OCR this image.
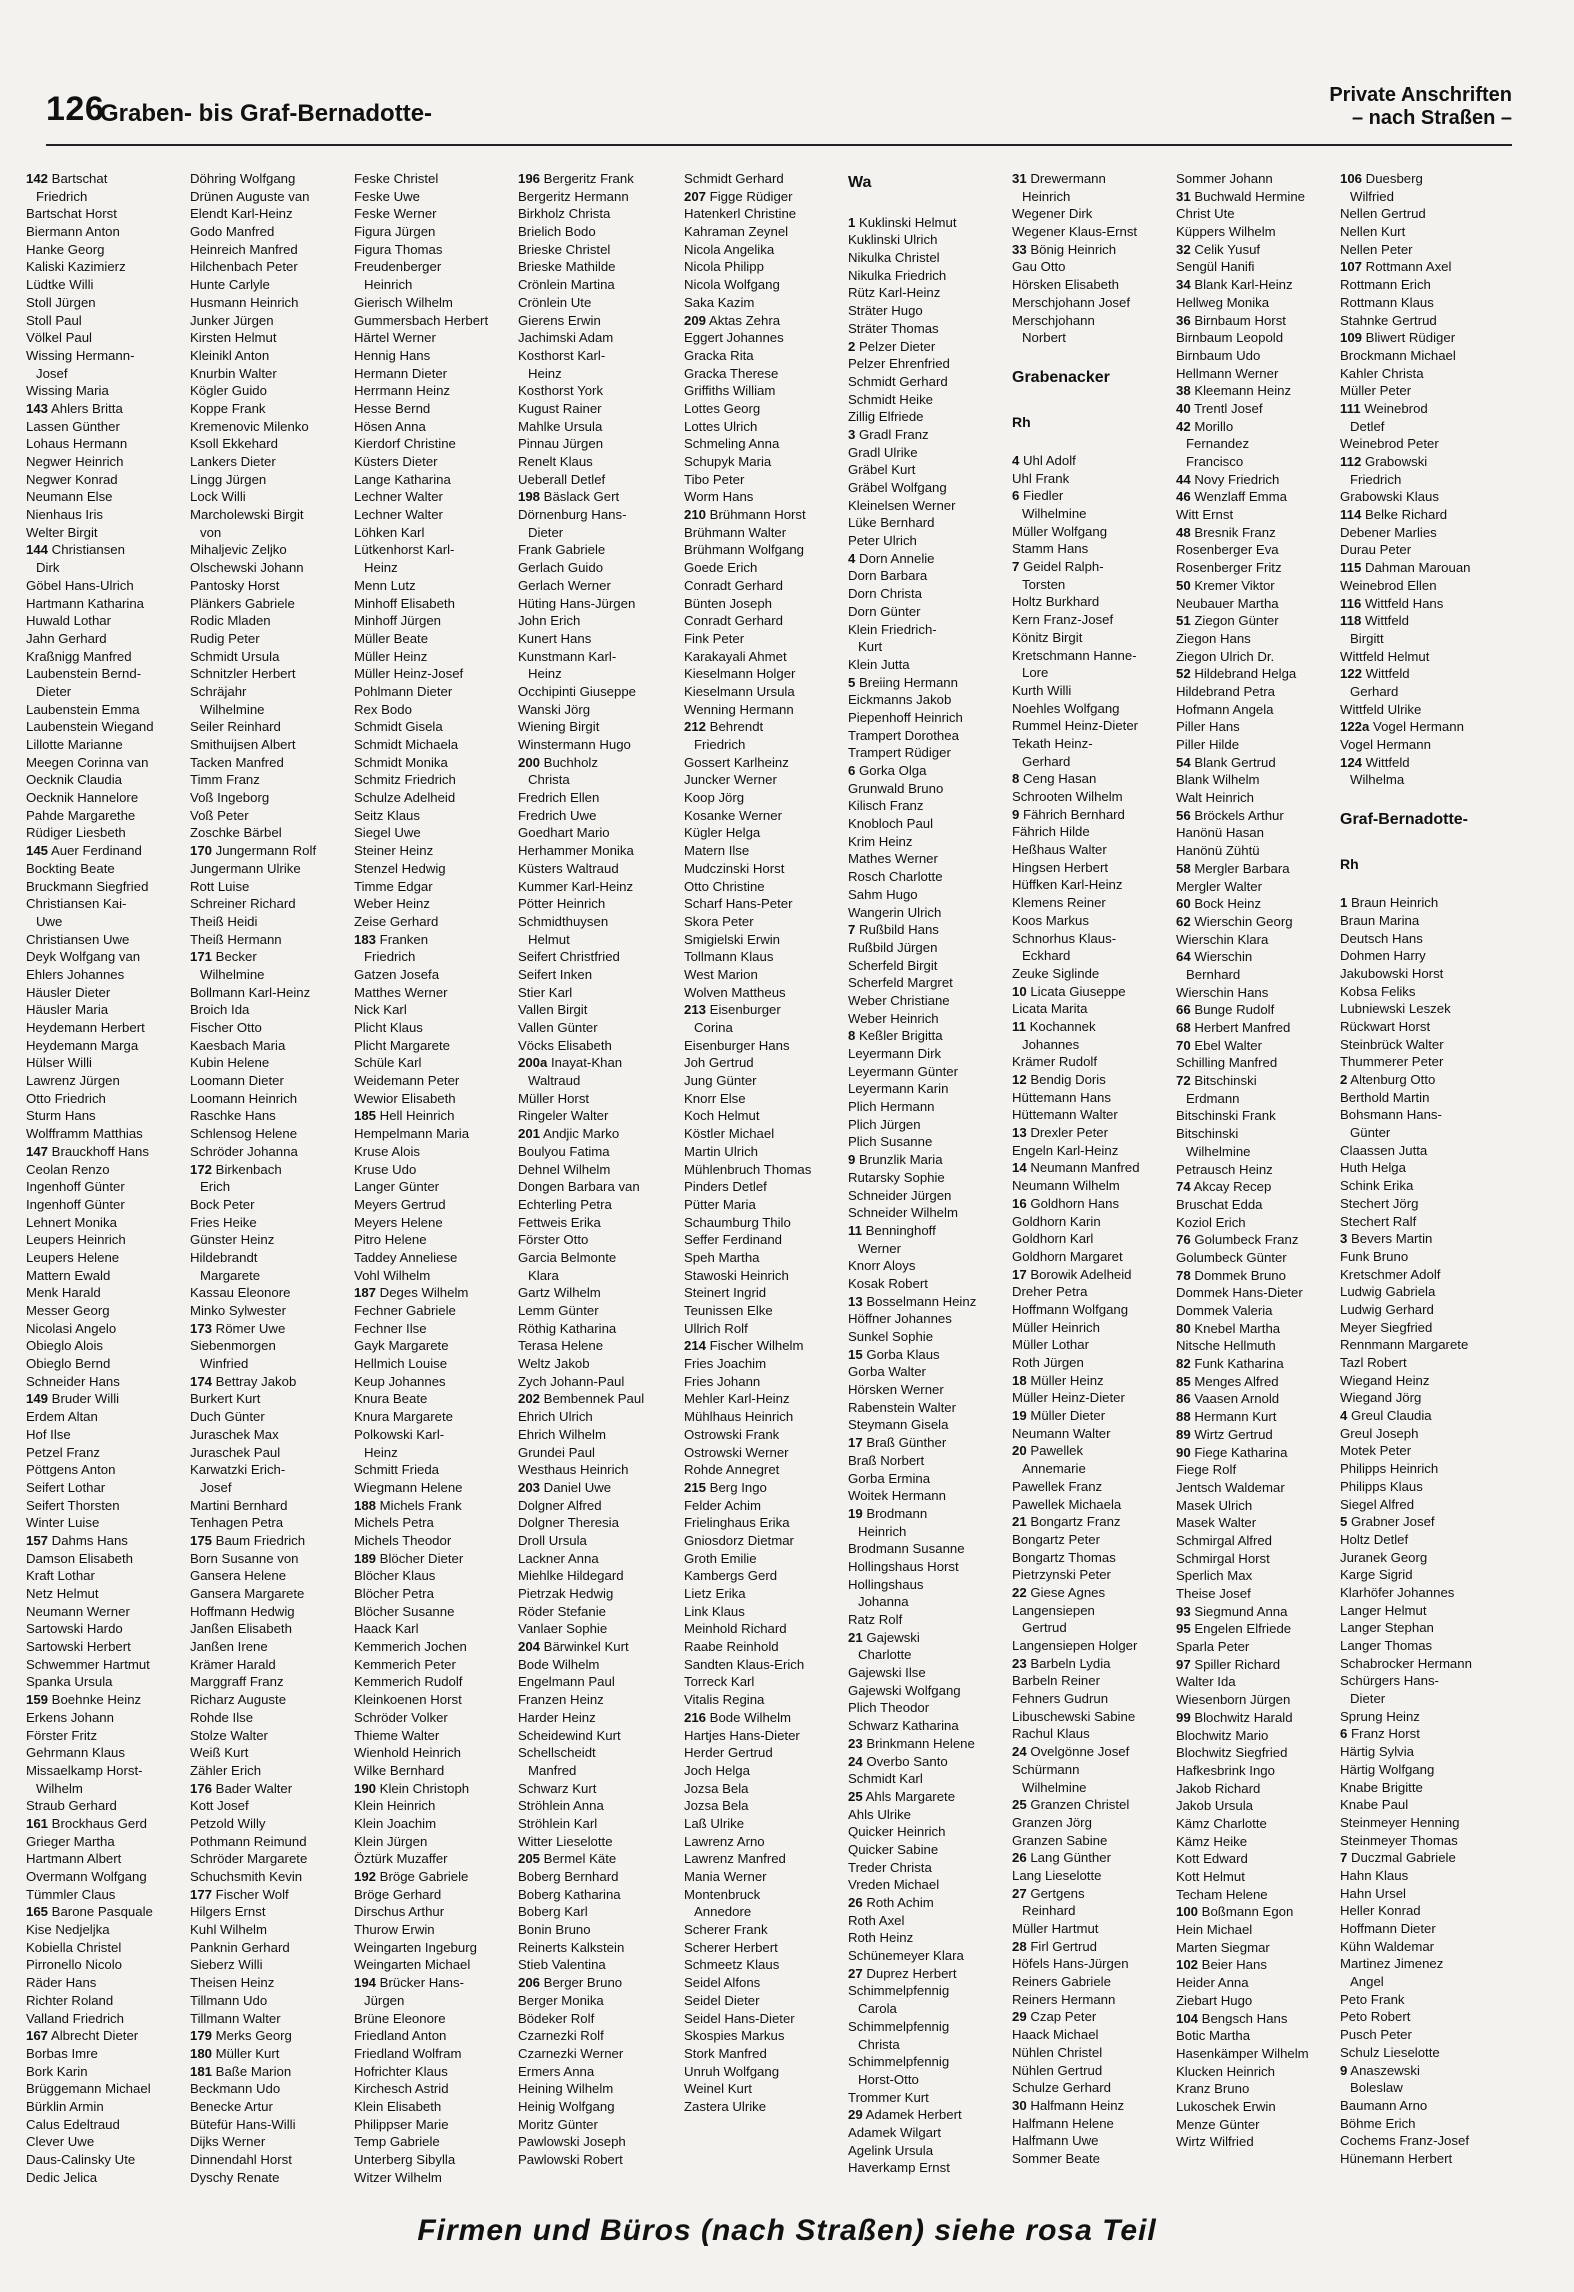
126
Graben- bis Graf-Bernadotte-
Private Anschriften
– nach Straßen –
142 Bartschat
Friedrich
Bartschat Horst
Biermann Anton
Hanke Georg
Kaliski Kazimierz
Lüdtke Willi
Stoll Jürgen
Stoll Paul
Völkel Paul
Wissing Hermann-
Josef
Wissing Maria
143 Ahlers Britta
Lassen Günther
Lohaus Hermann
Negwer Heinrich
Negwer Konrad
Neumann Else
Nienhaus Iris
Welter Birgit
144 Christiansen
Dirk
Göbel Hans-Ulrich
Hartmann Katharina
Huwald Lothar
Jahn Gerhard
Kraßnigg Manfred
Laubenstein Bernd-
Dieter
Laubenstein Emma
Laubenstein Wiegand
Lillotte Marianne
Meegen Corinna van
Oecknik Claudia
Oecknik Hannelore
Pahde Margarethe
Rüdiger Liesbeth
145 Auer Ferdinand
Bockting Beate
Bruckmann Siegfried
Christiansen Kai-
Uwe
Christiansen Uwe
Deyk Wolfgang van
Ehlers Johannes
Häusler Dieter
Häusler Maria
Heydemann Herbert
Heydemann Marga
Hülser Willi
Lawrenz Jürgen
Otto Friedrich
Sturm Hans
Wolfframm Matthias
147 Brauckhoff Hans
Ceolan Renzo
Ingenhoff Günter
Ingenhoff Günter
Lehnert Monika
Leupers Heinrich
Leupers Helene
Mattern Ewald
Menk Harald
Messer Georg
Nicolasi Angelo
Obieglo Alois
Obieglo Bernd
Schneider Hans
149 Bruder Willi
Erdem Altan
Hof Ilse
Petzel Franz
Pöttgens Anton
Seifert Lothar
Seifert Thorsten
Winter Luise
157 Dahms Hans
Damson Elisabeth
Kraft Lothar
Netz Helmut
Neumann Werner
Sartowski Hardo
Sartowski Herbert
Schwemmer Hartmut
Spanka Ursula
159 Boehnke Heinz
Erkens Johann
Förster Fritz
Gehrmann Klaus
Missaelkamp Horst-
Wilhelm
Straub Gerhard
161 Brockhaus Gerd
Grieger Martha
Hartmann Albert
Overmann Wolfgang
Tümmler Claus
165 Barone Pasquale
Kise Nedjeljka
Kobiella Christel
Pirronello Nicolo
Räder Hans
Richter Roland
Valland Friedrich
167 Albrecht Dieter
Borbas Imre
Bork Karin
Brüggemann Michael
Bürklin Armin
Calus Edeltraud
Clever Uwe
Daus-Calinsky Ute
Dedic Jelica
Döhring Wolfgang
Drünen Auguste van
Elendt Karl-Heinz
Godo Manfred
Heinreich Manfred
Hilchenbach Peter
Hunte Carlyle
Husmann Heinrich
Junker Jürgen
Kirsten Helmut
Kleinikl Anton
Knurbin Walter
Kögler Guido
Koppe Frank
Kremenovic Milenko
Ksoll Ekkehard
Lankers Dieter
Lingg Jürgen
Lock Willi
Marcholewski Birgit
von
Mihaljevic Zeljko
Olschewski Johann
Pantosky Horst
Plänkers Gabriele
Rodic Mladen
Rudig Peter
Schmidt Ursula
Schnitzler Herbert
Schräjahr
Wilhelmine
Seiler Reinhard
Smithuijsen Albert
Tacken Manfred
Timm Franz
Voß Ingeborg
Voß Peter
Zoschke Bärbel
170 Jungermann Rolf
Jungermann Ulrike
Rott Luise
Schreiner Richard
Theiß Heidi
Theiß Hermann
171 Becker
Wilhelmine
Bollmann Karl-Heinz
Broich Ida
Fischer Otto
Kaesbach Maria
Kubin Helene
Loomann Dieter
Loomann Heinrich
Raschke Hans
Schlensog Helene
Schröder Johanna
172 Birkenbach
Erich
Bock Peter
Fries Heike
Günster Heinz
Hildebrandt
Margarete
Kassau Eleonore
Minko Sylwester
173 Römer Uwe
Siebenmorgen
Winfried
174 Bettray Jakob
Burkert Kurt
Duch Günter
Juraschek Max
Juraschek Paul
Karwatzki Erich-
Josef
Martini Bernhard
Tenhagen Petra
175 Baum Friedrich
Born Susanne von
Gansera Helene
Gansera Margarete
Hoffmann Hedwig
Janßen Elisabeth
Janßen Irene
Krämer Harald
Marggraff Franz
Richarz Auguste
Rohde Ilse
Stolze Walter
Weiß Kurt
Zähler Erich
176 Bader Walter
Kott Josef
Petzold Willy
Pothmann Reimund
Schröder Margarete
Schuchsmith Kevin
177 Fischer Wolf
Hilgers Ernst
Kuhl Wilhelm
Panknin Gerhard
Sieberz Willi
Theisen Heinz
Tillmann Udo
Tillmann Walter
179 Merks Georg
180 Müller Kurt
181 Baße Marion
Beckmann Udo
Benecke Artur
Bütefür Hans-Willi
Dijks Werner
Dinnendahl Horst
Dyschy Renate
Feske Christel
Feske Uwe
Feske Werner
Figura Jürgen
Figura Thomas
Freudenberger
Heinrich
Gierisch Wilhelm
Gummersbach Herbert
Härtel Werner
Hennig Hans
Hermann Dieter
Herrmann Heinz
Hesse Bernd
Hösen Anna
Kierdorf Christine
Küsters Dieter
Lange Katharina
Lechner Walter
Lechner Walter
Löhken Karl
Lütkenhorst Karl-
Heinz
Menn Lutz
Minhoff Elisabeth
Minhoff Jürgen
Müller Beate
Müller Heinz
Müller Heinz-Josef
Pohlmann Dieter
Rex Bodo
Schmidt Gisela
Schmidt Michaela
Schmidt Monika
Schmitz Friedrich
Schulze Adelheid
Seitz Klaus
Siegel Uwe
Steiner Heinz
Stenzel Hedwig
Timme Edgar
Weber Heinz
Zeise Gerhard
183 Franken
Friedrich
Gatzen Josefa
Matthes Werner
Nick Karl
Plicht Klaus
Plicht Margarete
Schüle Karl
Weidemann Peter
Wewior Elisabeth
185 Hell Heinrich
Hempelmann Maria
Kruse Alois
Kruse Udo
Langer Günter
Meyers Gertrud
Meyers Helene
Pitro Helene
Taddey Anneliese
Vohl Wilhelm
187 Deges Wilhelm
Fechner Gabriele
Fechner Ilse
Gayk Margarete
Hellmich Louise
Keup Johannes
Knura Beate
Knura Margarete
Polkowski Karl-
Heinz
Schmitt Frieda
Wiegmann Helene
188 Michels Frank
Michels Petra
Michels Theodor
189 Blöcher Dieter
Blöcher Klaus
Blöcher Petra
Blöcher Susanne
Haack Karl
Kemmerich Jochen
Kemmerich Peter
Kemmerich Rudolf
Kleinkoenen Horst
Schröder Volker
Thieme Walter
Wienhold Heinrich
Wilke Bernhard
190 Klein Christoph
Klein Heinrich
Klein Joachim
Klein Jürgen
Öztürk Muzaffer
192 Bröge Gabriele
Bröge Gerhard
Dirschus Arthur
Thurow Erwin
Weingarten Ingeburg
Weingarten Michael
194 Brücker Hans-
Jürgen
Brüne Eleonore
Friedland Anton
Friedland Wolfram
Hofrichter Klaus
Kirchesch Astrid
Klein Elisabeth
Philippser Marie
Temp Gabriele
Unterberg Sibylla
Witzer Wilhelm
196 Bergeritz Frank
Bergeritz Hermann
Birkholz Christa
Brielich Bodo
Brieske Christel
Brieske Mathilde
Crönlein Martina
Crönlein Ute
Gierens Erwin
Jachimski Adam
Kosthorst Karl-
Heinz
Kosthorst York
Kugust Rainer
Mahlke Ursula
Pinnau Jürgen
Renelt Klaus
Ueberall Detlef
198 Bäslack Gert
Dörnenburg Hans-
Dieter
Frank Gabriele
Gerlach Guido
Gerlach Werner
Hüting Hans-Jürgen
John Erich
Kunert Hans
Kunstmann Karl-
Heinz
Occhipinti Giuseppe
Wanski Jörg
Wiening Birgit
Winstermann Hugo
200 Buchholz
Christa
Fredrich Ellen
Fredrich Uwe
Goedhart Mario
Herhammer Monika
Küsters Waltraud
Kummer Karl-Heinz
Pötter Heinrich
Schmidthuysen
Helmut
Seifert Christfried
Seifert Inken
Stier Karl
Vallen Birgit
Vallen Günter
Vöcks Elisabeth
200a Inayat-Khan
Waltraud
Müller Horst
Ringeler Walter
201 Andjic Marko
Boulyou Fatima
Dehnel Wilhelm
Dongen Barbara van
Echterling Petra
Fettweis Erika
Förster Otto
Garcia Belmonte
Klara
Gartz Wilhelm
Lemm Günter
Röthig Katharina
Terasa Helene
Weltz Jakob
Zych Johann-Paul
202 Bembennek Paul
Ehrich Ulrich
Ehrich Wilhelm
Grundei Paul
Westhaus Heinrich
203 Daniel Uwe
Dolgner Alfred
Dolgner Theresia
Droll Ursula
Lackner Anna
Miehlke Hildegard
Pietrzak Hedwig
Röder Stefanie
Vanlaer Sophie
204 Bärwinkel Kurt
Bode Wilhelm
Engelmann Paul
Franzen Heinz
Harder Heinz
Scheidewind Kurt
Schellscheidt
Manfred
Schwarz Kurt
Ströhlein Anna
Ströhlein Karl
Witter Lieselotte
205 Bermel Käte
Boberg Bernhard
Boberg Katharina
Boberg Karl
Bonin Bruno
Reinerts Kalkstein
Stieb Valentina
206 Berger Bruno
Berger Monika
Bödeker Rolf
Czarnezki Rolf
Czarnezki Werner
Ermers Anna
Heining Wilhelm
Heinig Wolfgang
Moritz Günter
Pawlowski Joseph
Pawlowski Robert
Schmidt Gerhard
207 Figge Rüdiger
Hatenkerl Christine
Kahraman Zeynel
Nicola Angelika
Nicola Philipp
Nicola Wolfgang
Saka Kazim
209 Aktas Zehra
Eggert Johannes
Gracka Rita
Gracka Therese
Griffiths William
Lottes Georg
Lottes Ulrich
Schmeling Anna
Schupyk Maria
Tibo Peter
Worm Hans
210 Brühmann Horst
Brühmann Walter
Brühmann Wolfgang
Goede Erich
Conradt Gerhard
Bünten Joseph
Conradt Gerhard
Fink Peter
Karakayali Ahmet
Kieselmann Holger
Kieselmann Ursula
Wenning Hermann
212 Behrendt
Friedrich
Gossert Karlheinz
Juncker Werner
Koop Jörg
Kosanke Werner
Kügler Helga
Matern Ilse
Mudczinski Horst
Otto Christine
Scharf Hans-Peter
Skora Peter
Smigielski Erwin
Tollmann Klaus
West Marion
Wolven Mattheus
213 Eisenburger
Corina
Eisenburger Hans
Joh Gertrud
Jung Günter
Knorr Else
Koch Helmut
Köstler Michael
Martin Ulrich
Mühlenbruch Thomas
Pinders Detlef
Pütter Maria
Schaumburg Thilo
Seffer Ferdinand
Speh Martha
Stawoski Heinrich
Steinert Ingrid
Teunissen Elke
Ullrich Rolf
214 Fischer Wilhelm
Fries Joachim
Fries Johann
Mehler Karl-Heinz
Mühlhaus Heinrich
Ostrowski Frank
Ostrowski Werner
Rohde Annegret
215 Berg Ingo
Felder Achim
Frielinghaus Erika
Gniosdorz Dietmar
Groth Emilie
Kambergs Gerd
Lietz Erika
Link Klaus
Meinhold Richard
Raabe Reinhold
Sandten Klaus-Erich
Torreck Karl
Vitalis Regina
216 Bode Wilhelm
Hartjes Hans-Dieter
Herder Gertrud
Joch Helga
Jozsa Bela
Jozsa Bela
Laß Ulrike
Lawrenz Arno
Lawrenz Manfred
Mania Werner
Montenbruck
Annedore
Scherer Frank
Scherer Herbert
Schmeetz Klaus
Seidel Alfons
Seidel Dieter
Seidel Hans-Dieter
Skospies Markus
Stork Manfred
Unruh Wolfgang
Weinel Kurt
Zastera Ulrike
Wa
1 Kuklinski Helmut
Kuklinski Ulrich
Nikulka Christel
Nikulka Friedrich
Rütz Karl-Heinz
Sträter Hugo
Sträter Thomas
2 Pelzer Dieter
Pelzer Ehrenfried
Schmidt Gerhard
Schmidt Heike
Zillig Elfriede
3 Gradl Franz
Gradl Ulrike
Gräbel Kurt
Gräbel Wolfgang
Kleinelsen Werner
Lüke Bernhard
Peter Ulrich
4 Dorn Annelie
Dorn Barbara
Dorn Christa
Dorn Günter
Klein Friedrich-
Kurt
Klein Jutta
5 Breiing Hermann
Eickmanns Jakob
Piepenhoff Heinrich
Trampert Dorothea
Trampert Rüdiger
6 Gorka Olga
Grunwald Bruno
Kilisch Franz
Knobloch Paul
Krim Heinz
Mathes Werner
Rosch Charlotte
Sahm Hugo
Wangerin Ulrich
7 Rußbild Hans
Rußbild Jürgen
Scherfeld Birgit
Scherfeld Margret
Weber Christiane
Weber Heinrich
8 Keßler Brigitta
Leyermann Dirk
Leyermann Günter
Leyermann Karin
Plich Hermann
Plich Jürgen
Plich Susanne
9 Brunzlik Maria
Rutarsky Sophie
Schneider Jürgen
Schneider Wilhelm
11 Benninghoff
Werner
Knorr Aloys
Kosak Robert
13 Bosselmann Heinz
Höffner Johannes
Sunkel Sophie
15 Gorba Klaus
Gorba Walter
Hörsken Werner
Rabenstein Walter
Steymann Gisela
17 Braß Günther
Braß Norbert
Gorba Ermina
Woitek Hermann
19 Brodmann
Heinrich
Brodmann Susanne
Hollingshaus Horst
Hollingshaus
Johanna
Ratz Rolf
21 Gajewski
Charlotte
Gajewski Ilse
Gajewski Wolfgang
Plich Theodor
Schwarz Katharina
23 Brinkmann Helene
24 Overbo Santo
Schmidt Karl
25 Ahls Margarete
Ahls Ulrike
Quicker Heinrich
Quicker Sabine
Treder Christa
Vreden Michael
26 Roth Achim
Roth Axel
Roth Heinz
Schünemeyer Klara
27 Duprez Herbert
Schimmelpfennig
Carola
Schimmelpfennig
Christa
Schimmelpfennig
Horst-Otto
Trommer Kurt
29 Adamek Herbert
Adamek Wilgart
Agelink Ursula
Haverkamp Ernst
31 Drewermann
Heinrich
Wegener Dirk
Wegener Klaus-Ernst
33 Bönig Heinrich
Gau Otto
Hörsken Elisabeth
Merschjohann Josef
Merschjohann
Norbert
Grabenacker
Rh
4 Uhl Adolf
Uhl Frank
6 Fiedler
Wilhelmine
Müller Wolfgang
Stamm Hans
7 Geidel Ralph-
Torsten
Holtz Burkhard
Kern Franz-Josef
Könitz Birgit
Kretschmann Hanne-
Lore
Kurth Willi
Noehles Wolfgang
Rummel Heinz-Dieter
Tekath Heinz-
Gerhard
8 Ceng Hasan
Schrooten Wilhelm
9 Fährich Bernhard
Fährich Hilde
Heßhaus Walter
Hingsen Herbert
Hüffken Karl-Heinz
Klemens Reiner
Koos Markus
Schnorhus Klaus-
Eckhard
Zeuke Siglinde
10 Licata Giuseppe
Licata Marita
11 Kochannek
Johannes
Krämer Rudolf
12 Bendig Doris
Hüttemann Hans
Hüttemann Walter
13 Drexler Peter
Engeln Karl-Heinz
14 Neumann Manfred
Neumann Wilhelm
16 Goldhorn Hans
Goldhorn Karin
Goldhorn Karl
Goldhorn Margaret
17 Borowik Adelheid
Dreher Petra
Hoffmann Wolfgang
Müller Heinrich
Müller Lothar
Roth Jürgen
18 Müller Heinz
Müller Heinz-Dieter
19 Müller Dieter
Neumann Walter
20 Pawellek
Annemarie
Pawellek Franz
Pawellek Michaela
21 Bongartz Franz
Bongartz Peter
Bongartz Thomas
Pietrzynski Peter
22 Giese Agnes
Langensiepen
Gertrud
Langensiepen Holger
23 Barbeln Lydia
Barbeln Reiner
Fehners Gudrun
Libuschewski Sabine
Rachul Klaus
24 Ovelgönne Josef
Schürmann
Wilhelmine
25 Granzen Christel
Granzen Jörg
Granzen Sabine
26 Lang Günther
Lang Lieselotte
27 Gertgens
Reinhard
Müller Hartmut
28 Firl Gertrud
Höfels Hans-Jürgen
Reiners Gabriele
Reiners Hermann
29 Czap Peter
Haack Michael
Nühlen Christel
Nühlen Gertrud
Schulze Gerhard
30 Halfmann Heinz
Halfmann Helene
Halfmann Uwe
Sommer Beate
Sommer Johann
31 Buchwald Hermine
Christ Ute
Küppers Wilhelm
32 Celik Yusuf
Sengül Hanifi
34 Blank Karl-Heinz
Hellweg Monika
36 Birnbaum Horst
Birnbaum Leopold
Birnbaum Udo
Hellmann Werner
38 Kleemann Heinz
40 Trentl Josef
42 Morillo
Fernandez
Francisco
44 Novy Friedrich
46 Wenzlaff Emma
Witt Ernst
48 Bresnik Franz
Rosenberger Eva
Rosenberger Fritz
50 Kremer Viktor
Neubauer Martha
51 Ziegon Günter
Ziegon Hans
Ziegon Ulrich Dr.
52 Hildebrand Helga
Hildebrand Petra
Hofmann Angela
Piller Hans
Piller Hilde
54 Blank Gertrud
Blank Wilhelm
Walt Heinrich
56 Bröckels Arthur
Hanönü Hasan
Hanönü Zühtü
58 Mergler Barbara
Mergler Walter
60 Bock Heinz
62 Wierschin Georg
Wierschin Klara
64 Wierschin
Bernhard
Wierschin Hans
66 Bunge Rudolf
68 Herbert Manfred
70 Ebel Walter
Schilling Manfred
72 Bitschinski
Erdmann
Bitschinski Frank
Bitschinski
Wilhelmine
Petrausch Heinz
74 Akcay Recep
Bruschat Edda
Koziol Erich
76 Golumbeck Franz
Golumbeck Günter
78 Dommek Bruno
Dommek Hans-Dieter
Dommek Valeria
80 Knebel Martha
Nitsche Hellmuth
82 Funk Katharina
85 Menges Alfred
86 Vaasen Arnold
88 Hermann Kurt
89 Wirtz Gertrud
90 Fiege Katharina
Fiege Rolf
Jentsch Waldemar
Masek Ulrich
Masek Walter
Schmirgal Alfred
Schmirgal Horst
Sperlich Max
Theise Josef
93 Siegmund Anna
95 Engelen Elfriede
Sparla Peter
97 Spiller Richard
Walter Ida
Wiesenborn Jürgen
99 Blochwitz Harald
Blochwitz Mario
Blochwitz Siegfried
Hafkesbrink Ingo
Jakob Richard
Jakob Ursula
Kämz Charlotte
Kämz Heike
Kott Edward
Kott Helmut
Techam Helene
100 Boßmann Egon
Hein Michael
Marten Siegmar
102 Beier Hans
Heider Anna
Ziebart Hugo
104 Bengsch Hans
Botic Martha
Hasenkämper Wilhelm
Klucken Heinrich
Kranz Bruno
Lukoschek Erwin
Menze Günter
Wirtz Wilfried
106 Duesberg
Wilfried
Nellen Gertrud
Nellen Kurt
Nellen Peter
107 Rottmann Axel
Rottmann Erich
Rottmann Klaus
Stahnke Gertrud
109 Bliwert Rüdiger
Brockmann Michael
Kahler Christa
Müller Peter
111 Weinebrod
Detlef
Weinebrod Peter
112 Grabowski
Friedrich
Grabowski Klaus
114 Belke Richard
Debener Marlies
Durau Peter
115 Dahman Marouan
Weinebrod Ellen
116 Wittfeld Hans
118 Wittfeld
Birgitt
Wittfeld Helmut
122 Wittfeld
Gerhard
Wittfeld Ulrike
122a Vogel Hermann
Vogel Hermann
124 Wittfeld
Wilhelma
Graf-Bernadotte-
Rh
1 Braun Heinrich
Braun Marina
Deutsch Hans
Dohmen Harry
Jakubowski Horst
Kobsa Feliks
Lubniewski Leszek
Rückwart Horst
Steinbrück Walter
Thummerer Peter
2 Altenburg Otto
Berthold Martin
Bohsmann Hans-
Günter
Claassen Jutta
Huth Helga
Schink Erika
Stechert Jörg
Stechert Ralf
3 Bevers Martin
Funk Bruno
Kretschmer Adolf
Ludwig Gabriela
Ludwig Gerhard
Meyer Siegfried
Rennmann Margarete
Tazl Robert
Wiegand Heinz
Wiegand Jörg
4 Greul Claudia
Greul Joseph
Motek Peter
Philipps Heinrich
Philipps Klaus
Siegel Alfred
5 Grabner Josef
Holtz Detlef
Juranek Georg
Karge Sigrid
Klarhöfer Johannes
Langer Helmut
Langer Stephan
Langer Thomas
Schabrocker Hermann
Schürgers Hans-
Dieter
Sprung Heinz
6 Franz Horst
Härtig Sylvia
Härtig Wolfgang
Knabe Brigitte
Knabe Paul
Steinmeyer Henning
Steinmeyer Thomas
7 Duczmal Gabriele
Hahn Klaus
Hahn Ursel
Heller Konrad
Hoffmann Dieter
Kühn Waldemar
Martinez Jimenez
Angel
Peto Frank
Peto Robert
Pusch Peter
Schulz Lieselotte
9 Anaszewski
Boleslaw
Baumann Arno
Böhme Erich
Cochems Franz-Josef
Hünemann Herbert
Firmen und Büros (nach Straßen) siehe rosa Teil
